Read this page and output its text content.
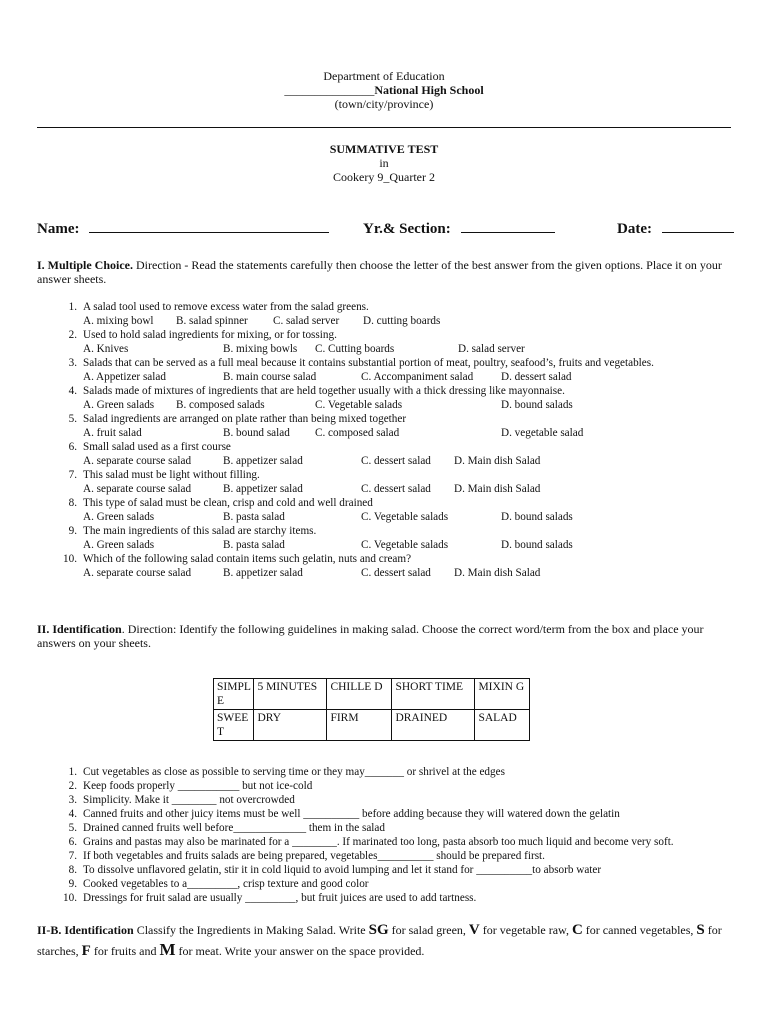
Department of Education
_______________National High School
(town/city/province)
SUMMATIVE TEST
in
Cookery 9_Quarter 2
Name:	Yr.& Section:	Date:
I. Multiple Choice. Direction - Read the statements carefully then choose the letter of the best answer from the given options. Place it on your answer sheets.
1. A salad tool used to remove excess water from the salad greens.
A. mixing bowl B. salad spinner C. salad server D. cutting boards
2. Used to hold salad ingredients for mixing, or for tossing.
A. Knives	B. mixing bowls C. Cutting boards	D. salad server
3. Salads that can be served as a full meal because it contains substantial portion of meat, poultry, seafood’s, fruits and vegetables.
A. Appetizer salad	B. main course salad	C. Accompaniment salad D. dessert salad
4. Salads made of mixtures of ingredients that are held together usually with a thick dressing like mayonnaise.
A. Green salads B. composed salads	C. Vegetable salads	D. bound salads
5. Salad ingredients are arranged on plate rather than being mixed together
A. fruit salad	B. bound salad C. composed salad	D. vegetable salad
6. Small salad used as a first course
A. separate course salad	B. appetizer salad	C. dessert salad D. Main dish Salad
7. This salad must be light without filling.
A. separate course salad	B. appetizer salad	C. dessert salad D. Main dish Salad
8. This type of salad must be clean, crisp and cold and well drained
A. Green salads	B. pasta salad	C. Vegetable salads	D. bound salads
9. The main ingredients of this salad are starchy items.
A. Green salads	B. pasta salad	C. Vegetable salads	D. bound salads
10. Which of the following salad contain items such gelatin, nuts and cream?
A. separate course salad	B. appetizer salad	C. dessert salad D. Main dish Salad
II. Identification. Direction: Identify the following guidelines in making salad. Choose the correct word/term from the box and place your answers on your sheets.
SIMPL E	5 MINUTES	CHILLE D	SHORT TIME	MIXIN G
SWEE T	DRY	FIRM	DRAINED	SALAD
1. Cut vegetables as close as possible to serving time or they may_______ or shrivel at the edges
2. Keep foods properly ___________ but not ice-cold
3. Simplicity. Make it ________ not overcrowded
4. Canned fruits and other juicy items must be well __________ before adding because they will watered down the gelatin
5. Drained canned fruits well before_____________ them in the salad
6. Grains and pastas may also be marinated for a ________. If marinated too long, pasta absorb too much liquid and become very soft.
7. If both vegetables and fruits salads are being prepared, vegetables__________ should be prepared first.
8. To dissolve unflavored gelatin, stir it in cold liquid to avoid lumping and let it stand for __________to absorb water
9. Cooked vegetables to a_________, crisp texture and good color
10. Dressings for fruit salad are usually _________, but fruit juices are used to add tartness.
II-B. Identification Classify the Ingredients in Making Salad. Write SG for salad green, V for vegetable raw, C for canned vegetables, S for starches, F for fruits and M for meat. Write your answer on the space provided.
